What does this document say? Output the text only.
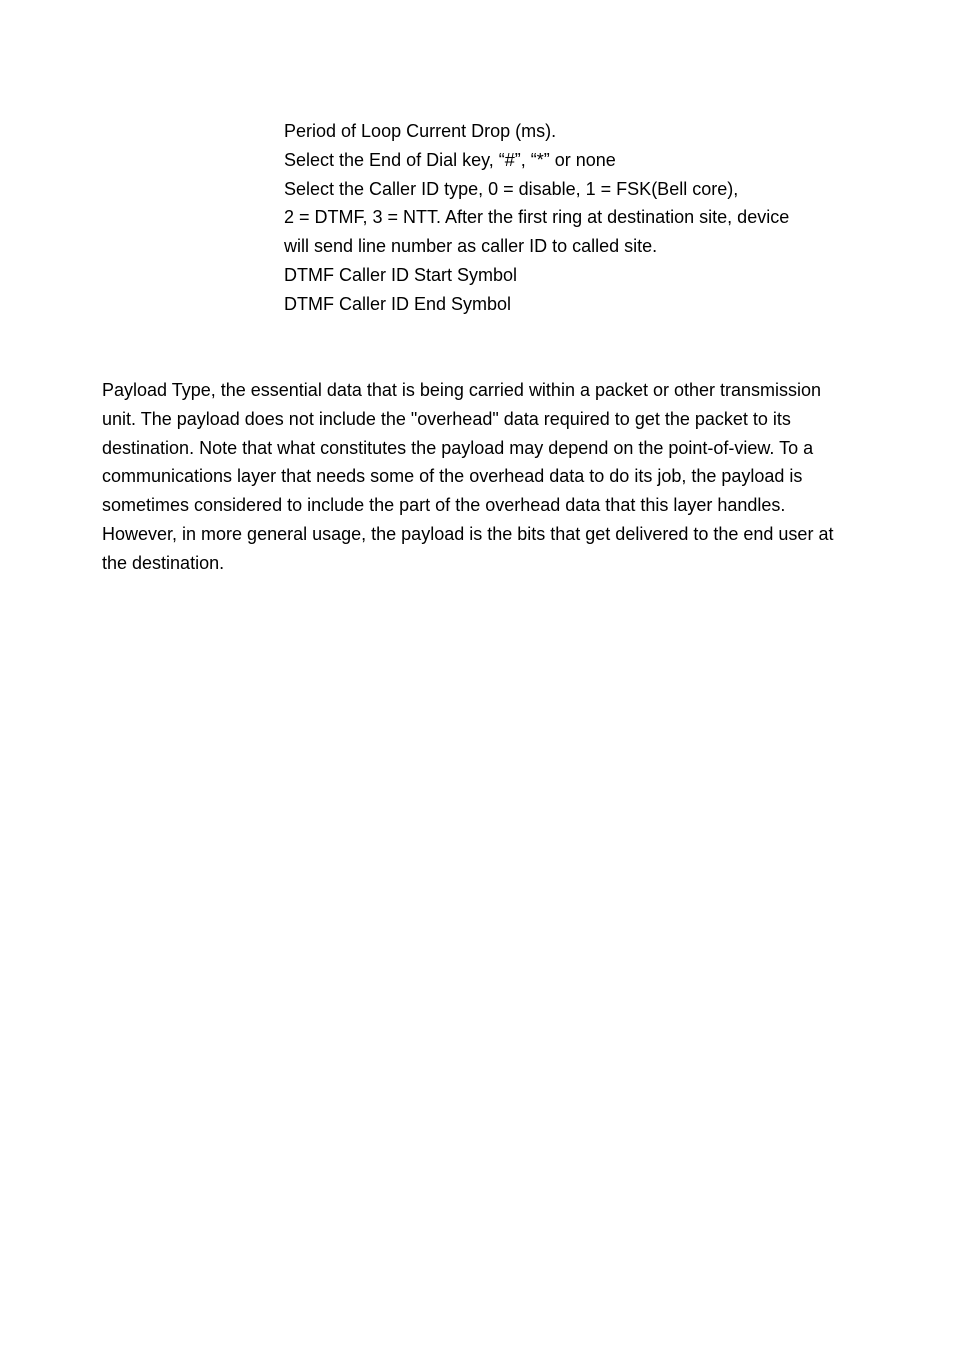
Period of Loop Current Drop (ms).

Select the End of Dial key, “#”, “*” or none

Select the Caller ID type, 0 = disable, 1 = FSK(Bell core),

2 = DTMF, 3 = NTT. After the first ring at destination site, device

will send line number as caller ID to called site.

DTMF Caller ID Start Symbol

DTMF Caller ID End Symbol

Payload Type, the essential data that is being carried within a packet or other transmission unit. The payload does not include the "overhead" data required to get the packet to its destination. Note that what constitutes the payload may depend on the point-of-view. To a communications layer that needs some of the overhead data to do its job, the payload is sometimes considered to include the part of the overhead data that this layer handles. However, in more general usage, the payload is the bits that get delivered to the end user at the destination.
